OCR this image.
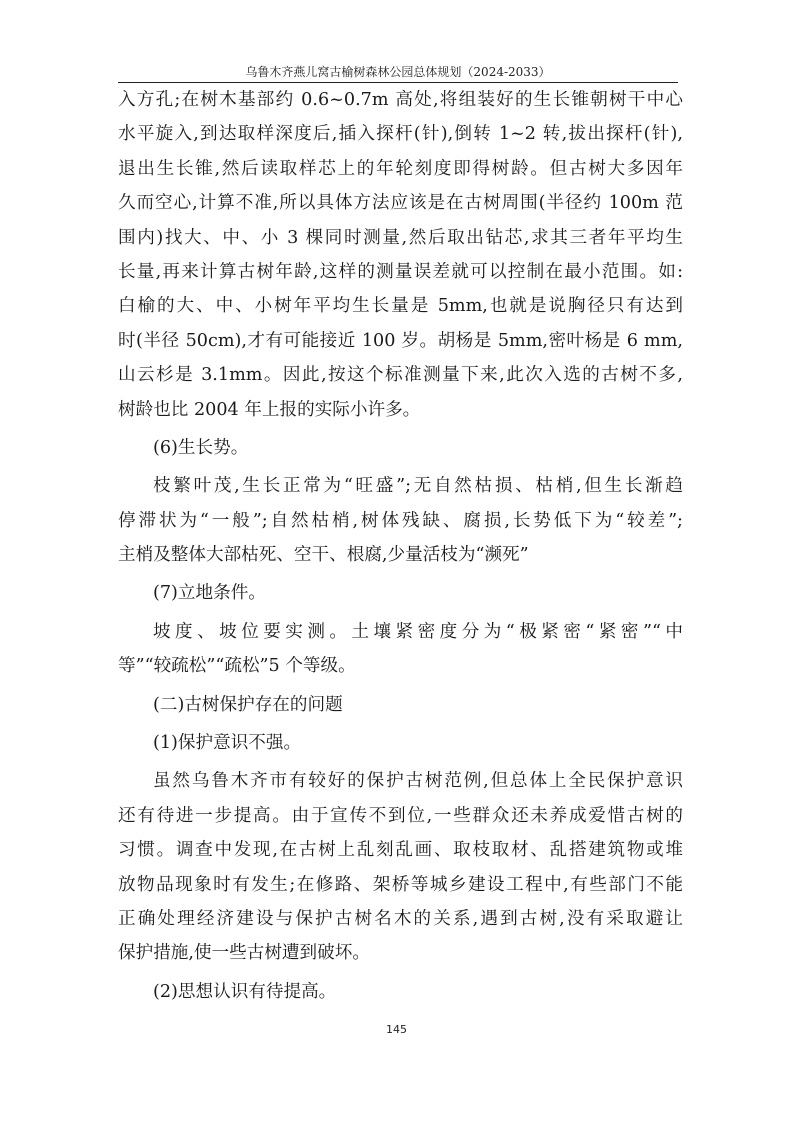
乌鲁木齐燕儿窝古榆树森林公园总体规划（2024-2033）
入方孔;在树木基部约 0.6~0.7m 高处,将组装好的生长锥朝树干中心
水平旋入,到达取样深度后,插入探杆(针),倒转 1~2 转,拔出探杆(针),
退出生长锥,然后读取样芯上的年轮刻度即得树龄。但古树大多因年
久而空心,计算不准,所以具体方法应该是在古树周围(半径约 100m 范
围内)找大、中、小 3 棵同时测量,然后取出钻芯,求其三者年平均生
长量,再来计算古树年龄,这样的测量误差就可以控制在最小范围。如:
白榆的大、中、小树年平均生长量是 5mm,也就是说胸径只有达到
时(半径 50cm),才有可能接近 100 岁。胡杨是 5mm,密叶杨是 6 mm,
山云杉是 3.1mm。因此,按这个标准测量下来,此次入选的古树不多,
树龄也比 2004 年上报的实际小许多。
(6)生长势。
枝繁叶茂,生长正常为“旺盛”;无自然枯损、枯梢,但生长渐趋
停滞状为“一般”;自然枯梢,树体残缺、腐损,长势低下为“较差”;
主梢及整体大部枯死、空干、根腐,少量活枝为“濒死”
(7)立地条件。
坡度、坡位要实测。土壤紧密度分为“极紧密“紧密”“中
等”“较疏松”“疏松”5 个等级。
(二)古树保护存在的问题
(1)保护意识不强。
虽然乌鲁木齐市有较好的保护古树范例,但总体上全民保护意识
还有待进一步提高。由于宣传不到位,一些群众还未养成爱惜古树的
习惯。调查中发现,在古树上乱刻乱画、取枝取材、乱搭建筑物或堆
放物品现象时有发生;在修路、架桥等城乡建设工程中,有些部门不能
正确处理经济建设与保护古树名木的关系,遇到古树,没有采取避让
保护措施,使一些古树遭到破坏。
(2)思想认识有待提高。
145
